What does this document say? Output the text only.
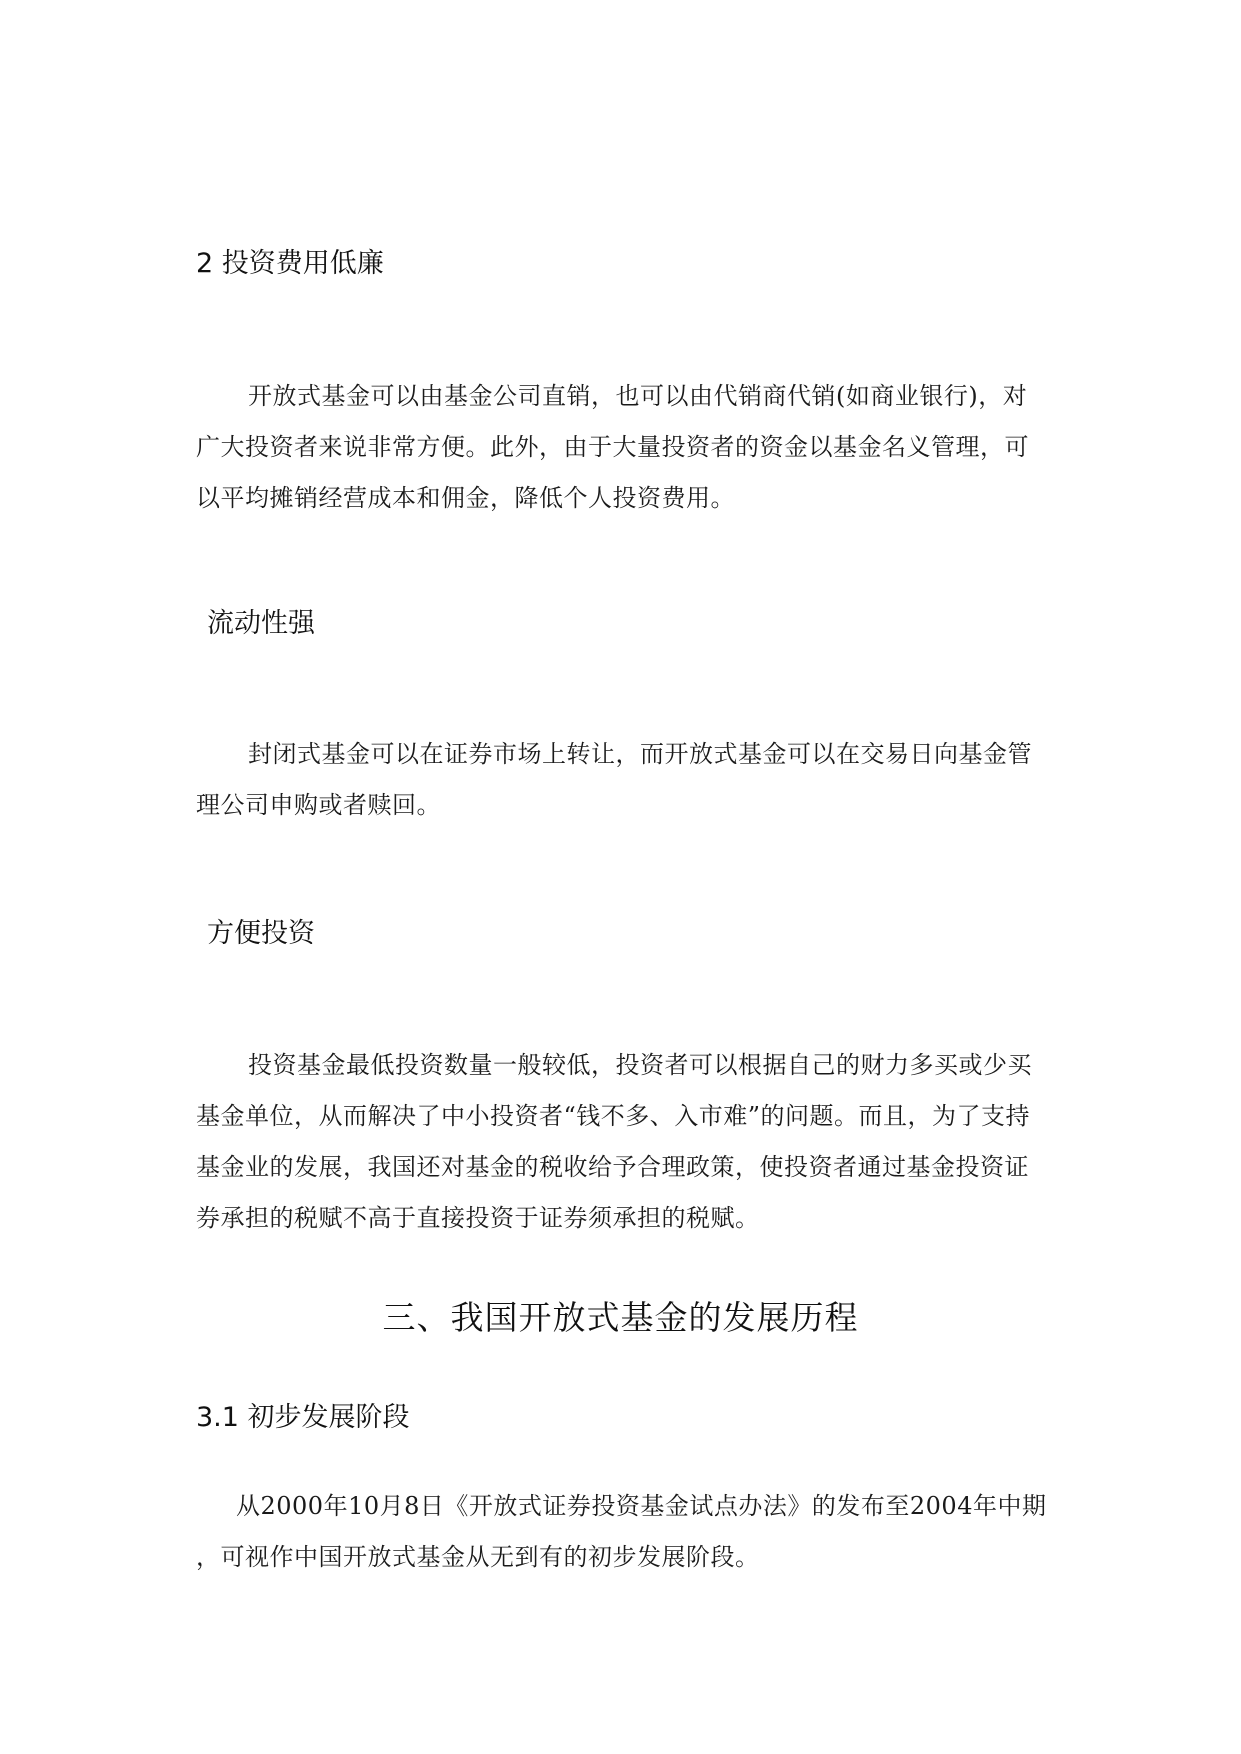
2 投资费用低廉
开放式基金可以由基金公司直销，也可以由代销商代销(如商业银行)，对
广大投资者来说非常方便。此外，由于大量投资者的资金以基金名义管理，可
以平均摊销经营成本和佣金，降低个人投资费用。
流动性强
封闭式基金可以在证券市场上转让，而开放式基金可以在交易日向基金管
理公司申购或者赎回。
方便投资
投资基金最低投资数量一般较低，投资者可以根据自己的财力多买或少买
基金单位，从而解决了中小投资者“钱不多、入市难”的问题。而且，为了支持
基金业的发展，我国还对基金的税收给予合理政策，使投资者通过基金投资证
券承担的税赋不高于直接投资于证券须承担的税赋。
三、我国开放式基金的发展历程
3.1 初步发展阶段
从2000年10月8日《开放式证券投资基金试点办法》的发布至2004年中期
，可视作中国开放式基金从无到有的初步发展阶段。
